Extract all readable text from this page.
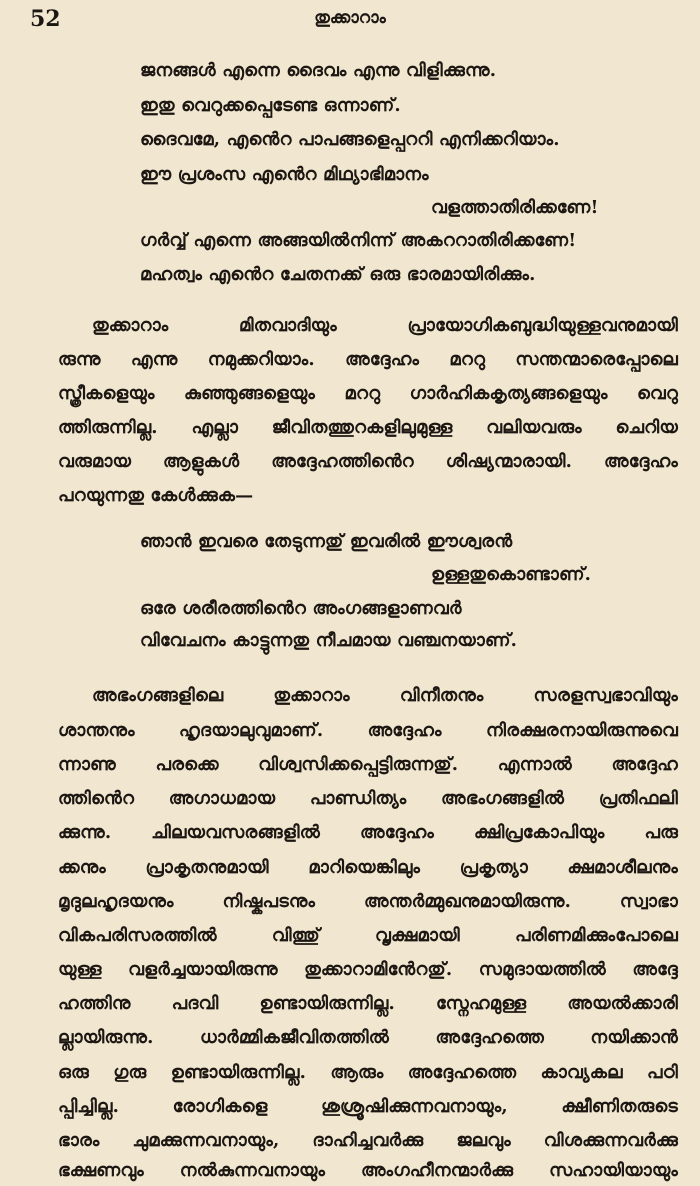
52	തുക്കാറാം
ജനങ്ങൾ എന്നെ ദൈവം എന്നു വിളിക്കുന്നു.
ഇതു വെറുക്കപ്പെടേണ്ട ഒന്നാണ്.
ദൈവമേ, എൻെറ പാപങ്ങളെപ്പററി എനിക്കറിയാം.
ഈ പ്രശംസ എൻെറ മിഥ്യാഭിമാനം
വളത്താതിരിക്കണേ!
ഗർവ്വ് എന്നെ അങ്ങയിൽനിന്ന് അകററാതിരിക്കണേ!
മഹത്വം എൻെറ ചേതനക്ക് ഒരു ഭാരമായിരിക്കും.
തുക്കാറാം മിതവാദിയും പ്രായോഗികബുദ്ധിയുള്ളവനുമായി
രുന്നു എന്നു നമുക്കറിയാം. അദ്ദേഹം മററു സന്തന്മാരെപ്പോലെ
സ്ത്രീകളെയും കുഞ്ഞുങ്ങളെയും മററു ഗാർഹികകൃത്യങ്ങളെയും വെറു
ത്തിരുന്നില്ല. എല്ലാ ജീവിതത്തുറകളിലുമുള്ള വലിയവരും ചെറിയ
വരുമായ ആളുകൾ അദ്ദേഹത്തിൻെറ ശിഷ്യന്മാരായി. അദ്ദേഹം
പറയുന്നതു കേൾക്കുക—
ഞാൻ ഇവരെ തേടുന്നതു് ഇവരിൽ ഈശ്വരൻ
ഉള്ളതുകൊണ്ടാണ്.
ഒരേ ശരീരത്തിൻെറ അംഗങ്ങളാണവർ
വിവേചനം കാട്ടുന്നതു നീചമായ വഞ്ചനയാണ്.
അഭംഗങ്ങളിലെ തുക്കാറാം വിനീതനും സരളസ്വഭാവിയും
ശാന്തനും ഹൃദയാലുവുമാണ്. അദ്ദേഹം നിരക്ഷരനായിരുന്നുവെ
ന്നാണു പരക്കെ വിശ്വസിക്കപ്പെട്ടിരുന്നതു്. എന്നാൽ അദ്ദേഹ
ത്തിൻെറ അഗാധമായ പാണ്ഡിത്യം അഭംഗങ്ങളിൽ പ്രതിഫലി
ക്കുന്നു. ചിലയവസരങ്ങളിൽ അദ്ദേഹം ക്ഷിപ്രകോപിയും പരു
ക്കനും പ്രാകൃതനുമായി മാറിയെങ്കിലും പ്രകൃത്യാ ക്ഷമാശീലനും
മൃദുലഹൃദയനും നിഷ്കപടനും അന്തർമ്മുഖനുമായിരുന്നു. സ്വാഭാ
വികപരിസരത്തിൽ വിത്തു് വൃക്ഷമായി പരിണമിക്കുംപോലെ
യുള്ള വളർച്ചയായിരുന്നു തുക്കാറാമിൻേറതു്. സമുദായത്തിൽ അദ്ദേ
ഹത്തിനു പദവി ഉണ്ടായിരുന്നില്ല. സ്നേഹമുള്ള അയൽക്കാരി
ല്ലായിരുന്നു. ധാർമ്മികജീവിതത്തിൽ അദ്ദേഹത്തെ നയിക്കാൻ
ഒരു ഗുരു ഉണ്ടായിരുന്നില്ല. ആരും അദ്ദേഹത്തെ കാവ്യകല പഠി
പ്പിച്ചില്ല. രോഗികളെ ശുശ്രൂഷിക്കുന്നവനായും, ക്ഷീണിതരുടെ
ഭാരം ചുമക്കുന്നവനായും, ദാഹിച്ചവർക്കു ജലവും വിശക്കുന്നവർക്കു
ഭക്ഷണവും നൽകുന്നവനായും അംഗഹീനന്മാർക്കു സഹായിയായും
